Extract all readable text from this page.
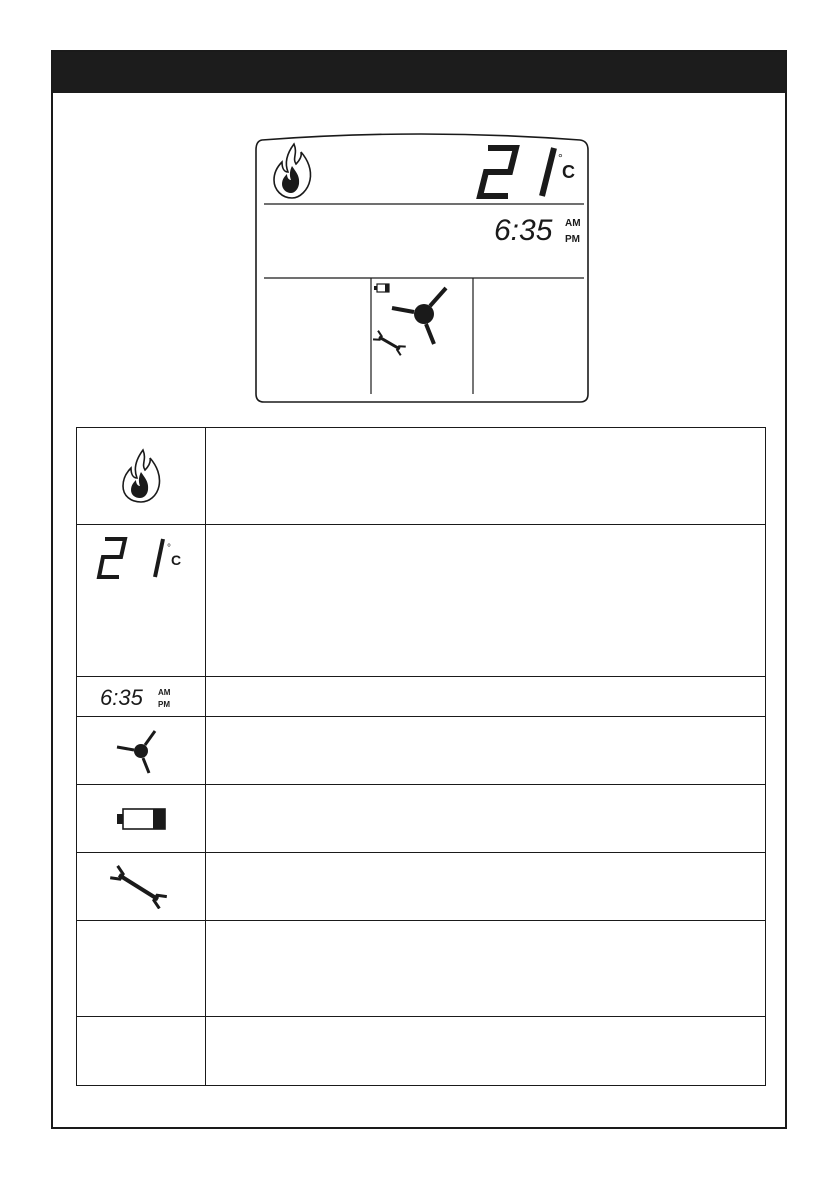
°
C
6:35 AM
PM
°
C
6:35 AM
PM
